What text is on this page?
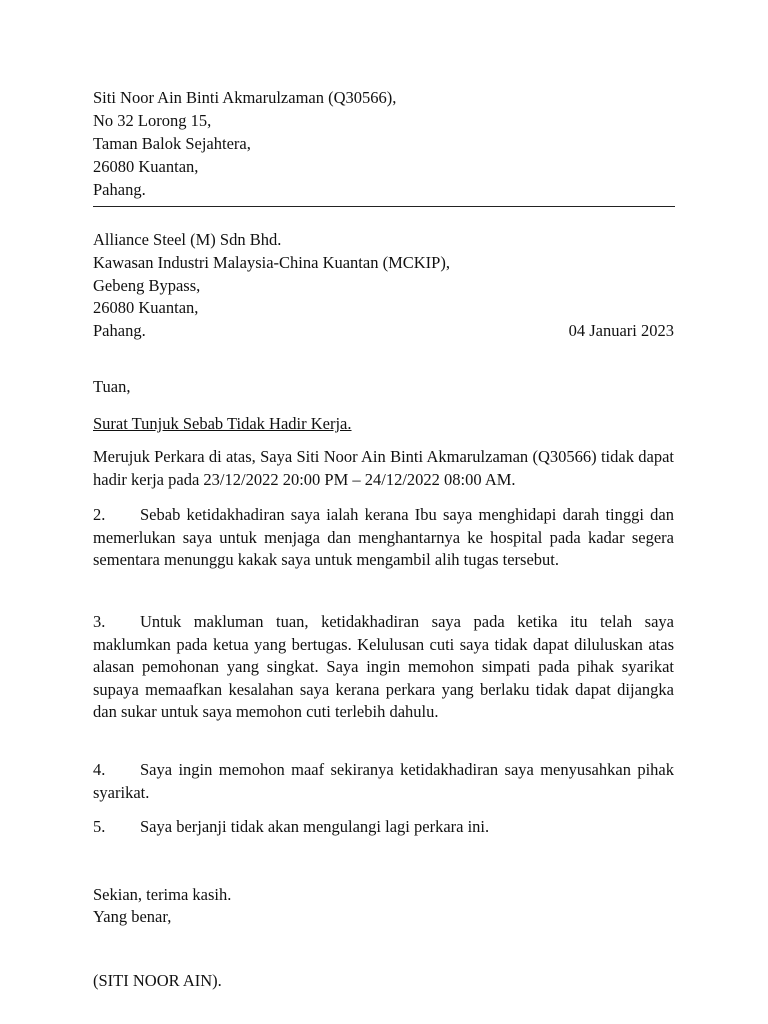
Siti Noor Ain Binti Akmarulzaman (Q30566),
No 32 Lorong 15,
Taman Balok Sejahtera,
26080 Kuantan,
Pahang.
Alliance Steel (M) Sdn Bhd.
Kawasan Industri Malaysia-China Kuantan (MCKIP),
Gebeng Bypass,
26080 Kuantan,
Pahang.	04 Januari 2023
Tuan,
Surat Tunjuk Sebab Tidak Hadir Kerja.
Merujuk Perkara di atas, Saya Siti Noor Ain Binti Akmarulzaman (Q30566) tidak dapat hadir kerja pada 23/12/2022 20:00 PM – 24/12/2022 08:00 AM.
2. Sebab ketidakhadiran saya ialah kerana Ibu saya menghidapi darah tinggi dan memerlukan saya untuk menjaga dan menghantarnya ke hospital pada kadar segera sementara menunggu kakak saya untuk mengambil alih tugas tersebut.
3. Untuk makluman tuan, ketidakhadiran saya pada ketika itu telah saya maklumkan pada ketua yang bertugas. Kelulusan cuti saya tidak dapat diluluskan atas alasan pemohonan yang singkat. Saya ingin memohon simpati pada pihak syarikat supaya memaafkan kesalahan saya kerana perkara yang berlaku tidak dapat dijangka dan sukar untuk saya memohon cuti terlebih dahulu.
4. Saya ingin memohon maaf sekiranya ketidakhadiran saya menyusahkan pihak syarikat.
5. Saya berjanji tidak akan mengulangi lagi perkara ini.
Sekian, terima kasih.
Yang benar,
(SITI NOOR AIN).
